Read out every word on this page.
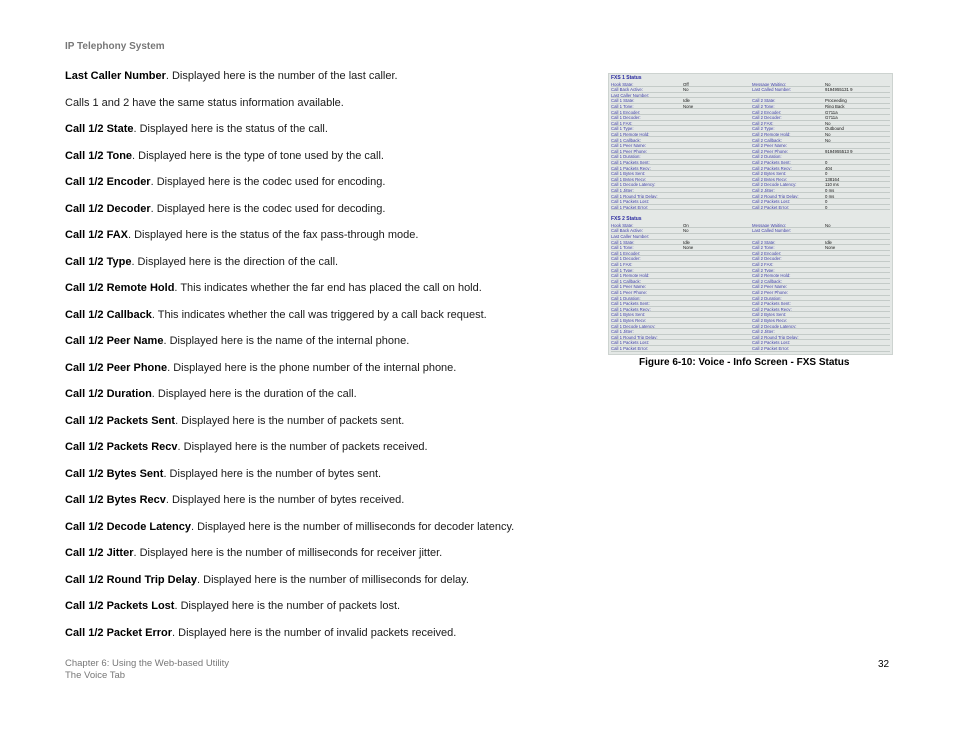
IP Telephony System
Last Caller Number. Displayed here is the number of the last caller.
Calls 1 and 2 have the same status information available.
Call 1/2 State. Displayed here is the status of the call.
Call 1/2 Tone. Displayed here is the type of tone used by the call.
Call 1/2 Encoder. Displayed here is the codec used for encoding.
Call 1/2 Decoder. Displayed here is the codec used for decoding.
Call 1/2 FAX. Displayed here is the status of the fax pass-through mode.
Call 1/2 Type. Displayed here is the direction of the call.
Call 1/2 Remote Hold. This indicates whether the far end has placed the call on hold.
Call 1/2 Callback. This indicates whether the call was triggered by a call back request.
Call 1/2 Peer Name. Displayed here is the name of the internal phone.
Call 1/2 Peer Phone. Displayed here is the phone number of the internal phone.
Call 1/2 Duration. Displayed here is the duration of the call.
Call 1/2 Packets Sent. Displayed here is the number of packets sent.
Call 1/2 Packets Recv. Displayed here is the number of packets received.
Call 1/2 Bytes Sent. Displayed here is the number of bytes sent.
Call 1/2 Bytes Recv. Displayed here is the number of bytes received.
Call 1/2 Decode Latency. Displayed here is the number of milliseconds for decoder latency.
Call 1/2 Jitter. Displayed here is the number of milliseconds for receiver jitter.
Call 1/2 Round Trip Delay. Displayed here is the number of milliseconds for delay.
Call 1/2 Packets Lost. Displayed here is the number of packets lost.
Call 1/2 Packet Error. Displayed here is the number of invalid packets received.
FXS 1 Status
Hook State:	Off	Message Waiting:	No
Call Back Active:	No	Last Called Number:	9194955131 9
Last Caller Number:
Call 1 State:	Idle	Call 2 State:	Proceeding
Call 1 Tone:	None	Call 2 Tone:	Ring Back
Call 1 Encoder:	Call 2 Encoder:	G711a
Call 1 Decoder:	Call 2 Decoder:	G711a
Call 1 FAX:	Call 2 FAX:	No
Call 1 Type:	Call 2 Type:	Outbound
Call 1 Remote Hold:	Call 2 Remote Hold:	No
Call 1 Callback:	Call 2 Callback:	No
Call 1 Peer Name:	Call 2 Peer Name:
Call 1 Peer Phone:	Call 2 Peer Phone:	9194955513 9
Call 1 Duration:	Call 2 Duration:
Call 1 Packets Sent:	Call 2 Packets Sent:	0
Call 1 Packets Recv:	Call 2 Packets Recv:	404
Call 1 Bytes Sent:	Call 2 Bytes Sent:	0
Call 1 Bytes Recv:	Call 2 Bytes Recv:	138164
Call 1 Decode Latency:	Call 2 Decode Latency:	110 ms
Call 1 Jitter:	Call 2 Jitter:	0 ms
Call 1 Round Trip Delay:	Call 2 Round Trip Delay:	0 ms
Call 1 Packets Lost:	Call 2 Packets Lost:	0
Call 1 Packet Error:	Call 2 Packet Error:	0
FXS 2 Status
Hook State:	On	Message Waiting:	No
Call Back Active:	No	Last Called Number:
Last Caller Number:
Call 1 State:	Idle	Call 2 State:	Idle
Call 1 Tone:	None	Call 2 Tone:	None
Call 1 Encoder:	Call 2 Encoder:
Call 1 Decoder:	Call 2 Decoder:
Call 1 FAX:	Call 2 FAX:
Call 1 Type:	Call 2 Type:
Call 1 Remote Hold:	Call 2 Remote Hold:
Call 1 Callback:	Call 2 Callback:
Call 1 Peer Name:	Call 2 Peer Name:
Call 1 Peer Phone:	Call 2 Peer Phone:
Call 1 Duration:	Call 2 Duration:
Call 1 Packets Sent:	Call 2 Packets Sent:
Call 1 Packets Recv:	Call 2 Packets Recv:
Call 1 Bytes Sent:	Call 2 Bytes Sent:
Call 1 Bytes Recv:	Call 2 Bytes Recv:
Call 1 Decode Latency:	Call 2 Decode Latency:
Call 1 Jitter:	Call 2 Jitter:
Call 1 Round Trip Delay:	Call 2 Round Trip Delay:
Call 1 Packets Lost:	Call 2 Packets Lost:
Call 1 Packet Error:	Call 2 Packet Error:
Figure 6-10: Voice - Info Screen - FXS Status
Chapter 6: Using the Web-based Utility
The Voice Tab
32
